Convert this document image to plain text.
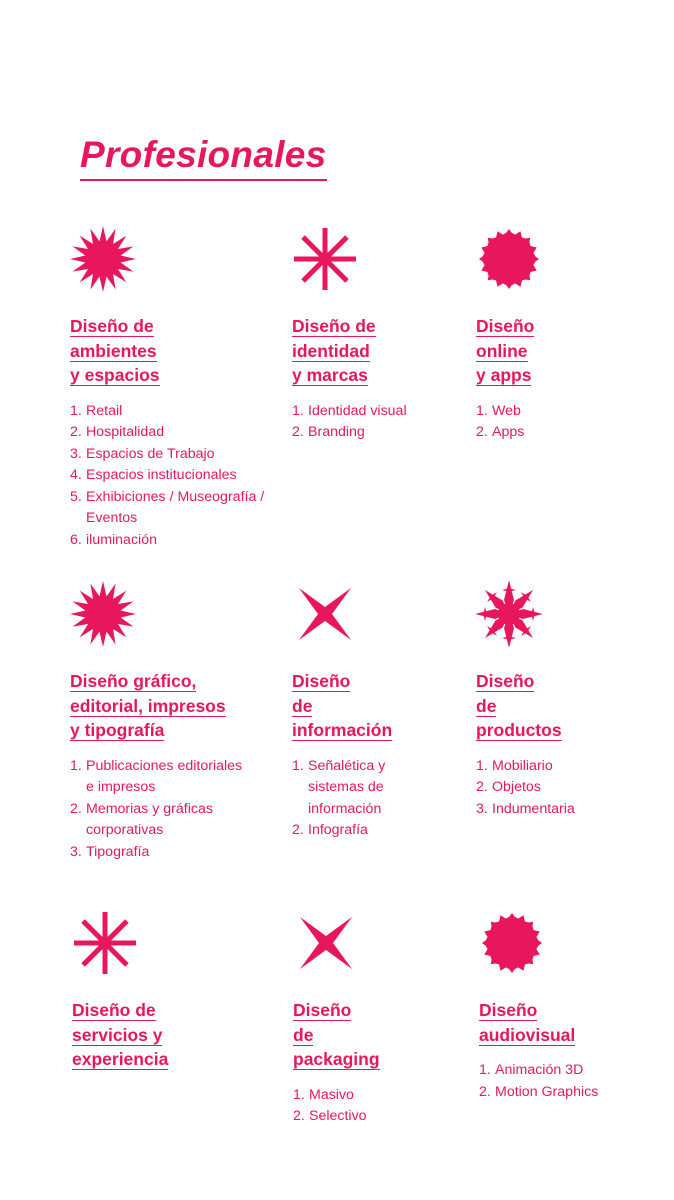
Profesionales
Diseño de
ambientes
y espacios
1. Retail
2. Hospitalidad
3. Espacios de Trabajo
4. Espacios institucionales
5. Exhibiciones / Museografía / Eventos
6. iluminación
Diseño de
identidad
y marcas
1. Identidad visual
2. Branding
Diseño
online
y apps
1. Web
2. Apps
Diseño gráfico,
editorial, impresos
y tipografía
1. Publicaciones editoriales
e impresos
2. Memorias y gráficas
corporativas
3. Tipografía
Diseño
de
información
1. Señalética y
sistemas de
información
2. Infografía
Diseño
de
productos
1. Mobiliario
2. Objetos
3. Indumentaria
Diseño de
servicios y
experiencia
Diseño
de
packaging
1. Masivo
2. Selectivo
Diseño
audiovisual
1. Animación 3D
2. Motion Graphics
